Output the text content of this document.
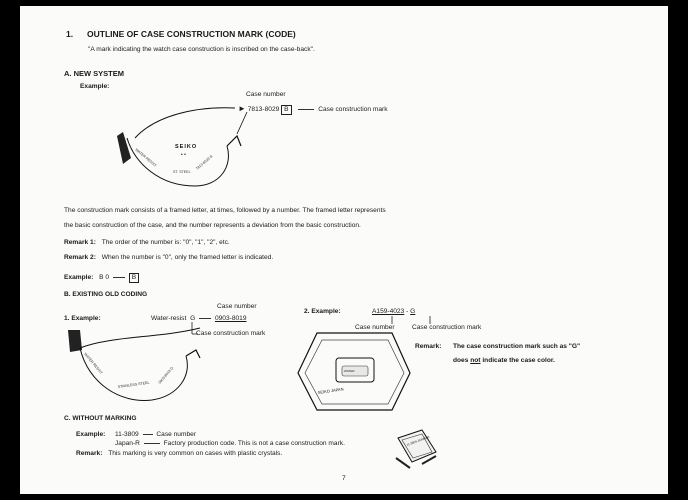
1. OUTLINE OF CASE CONSTRUCTION MARK (CODE)
"A mark indicating the watch case construction is inscribed on the case-back".
A. NEW SYSTEM
Example:
Case number
► 7813-8029 B	Case construction mark
SEIKO
• •
WATER RESIST
ST. STEEL
7813-8029 B
The construction mark consists of a framed letter, at times, followed by a number. The framed letter represents
the basic construction of the case, and the number represents a deviation from the basic construction.
Remark 1: The order of the number is: "0", "1", "2", etc.
Remark 2: When the number is "0", only the framed letter is indicated.
Example: B 0	B
B. EXISTING OLD CODING
1. Example:
Case number
Water-resist G	0903-8019
Case construction mark
WATER RESIST
STAINLESS STEEL
0903-8019 G
2. Example:	A159-4023 - G
Case number	Case construction mark
WATER
SEIKO JAPAN
Remark: The case construction mark such as "G"
does not indicate the case color.
C. WITHOUT MARKING
Example: 11-3809	Case number
Japan-R	Factory production code. This is not a case construction mark.
Remark: This marking is very common on cases with plastic crystals.
11-3809 JAPAN-R
7
